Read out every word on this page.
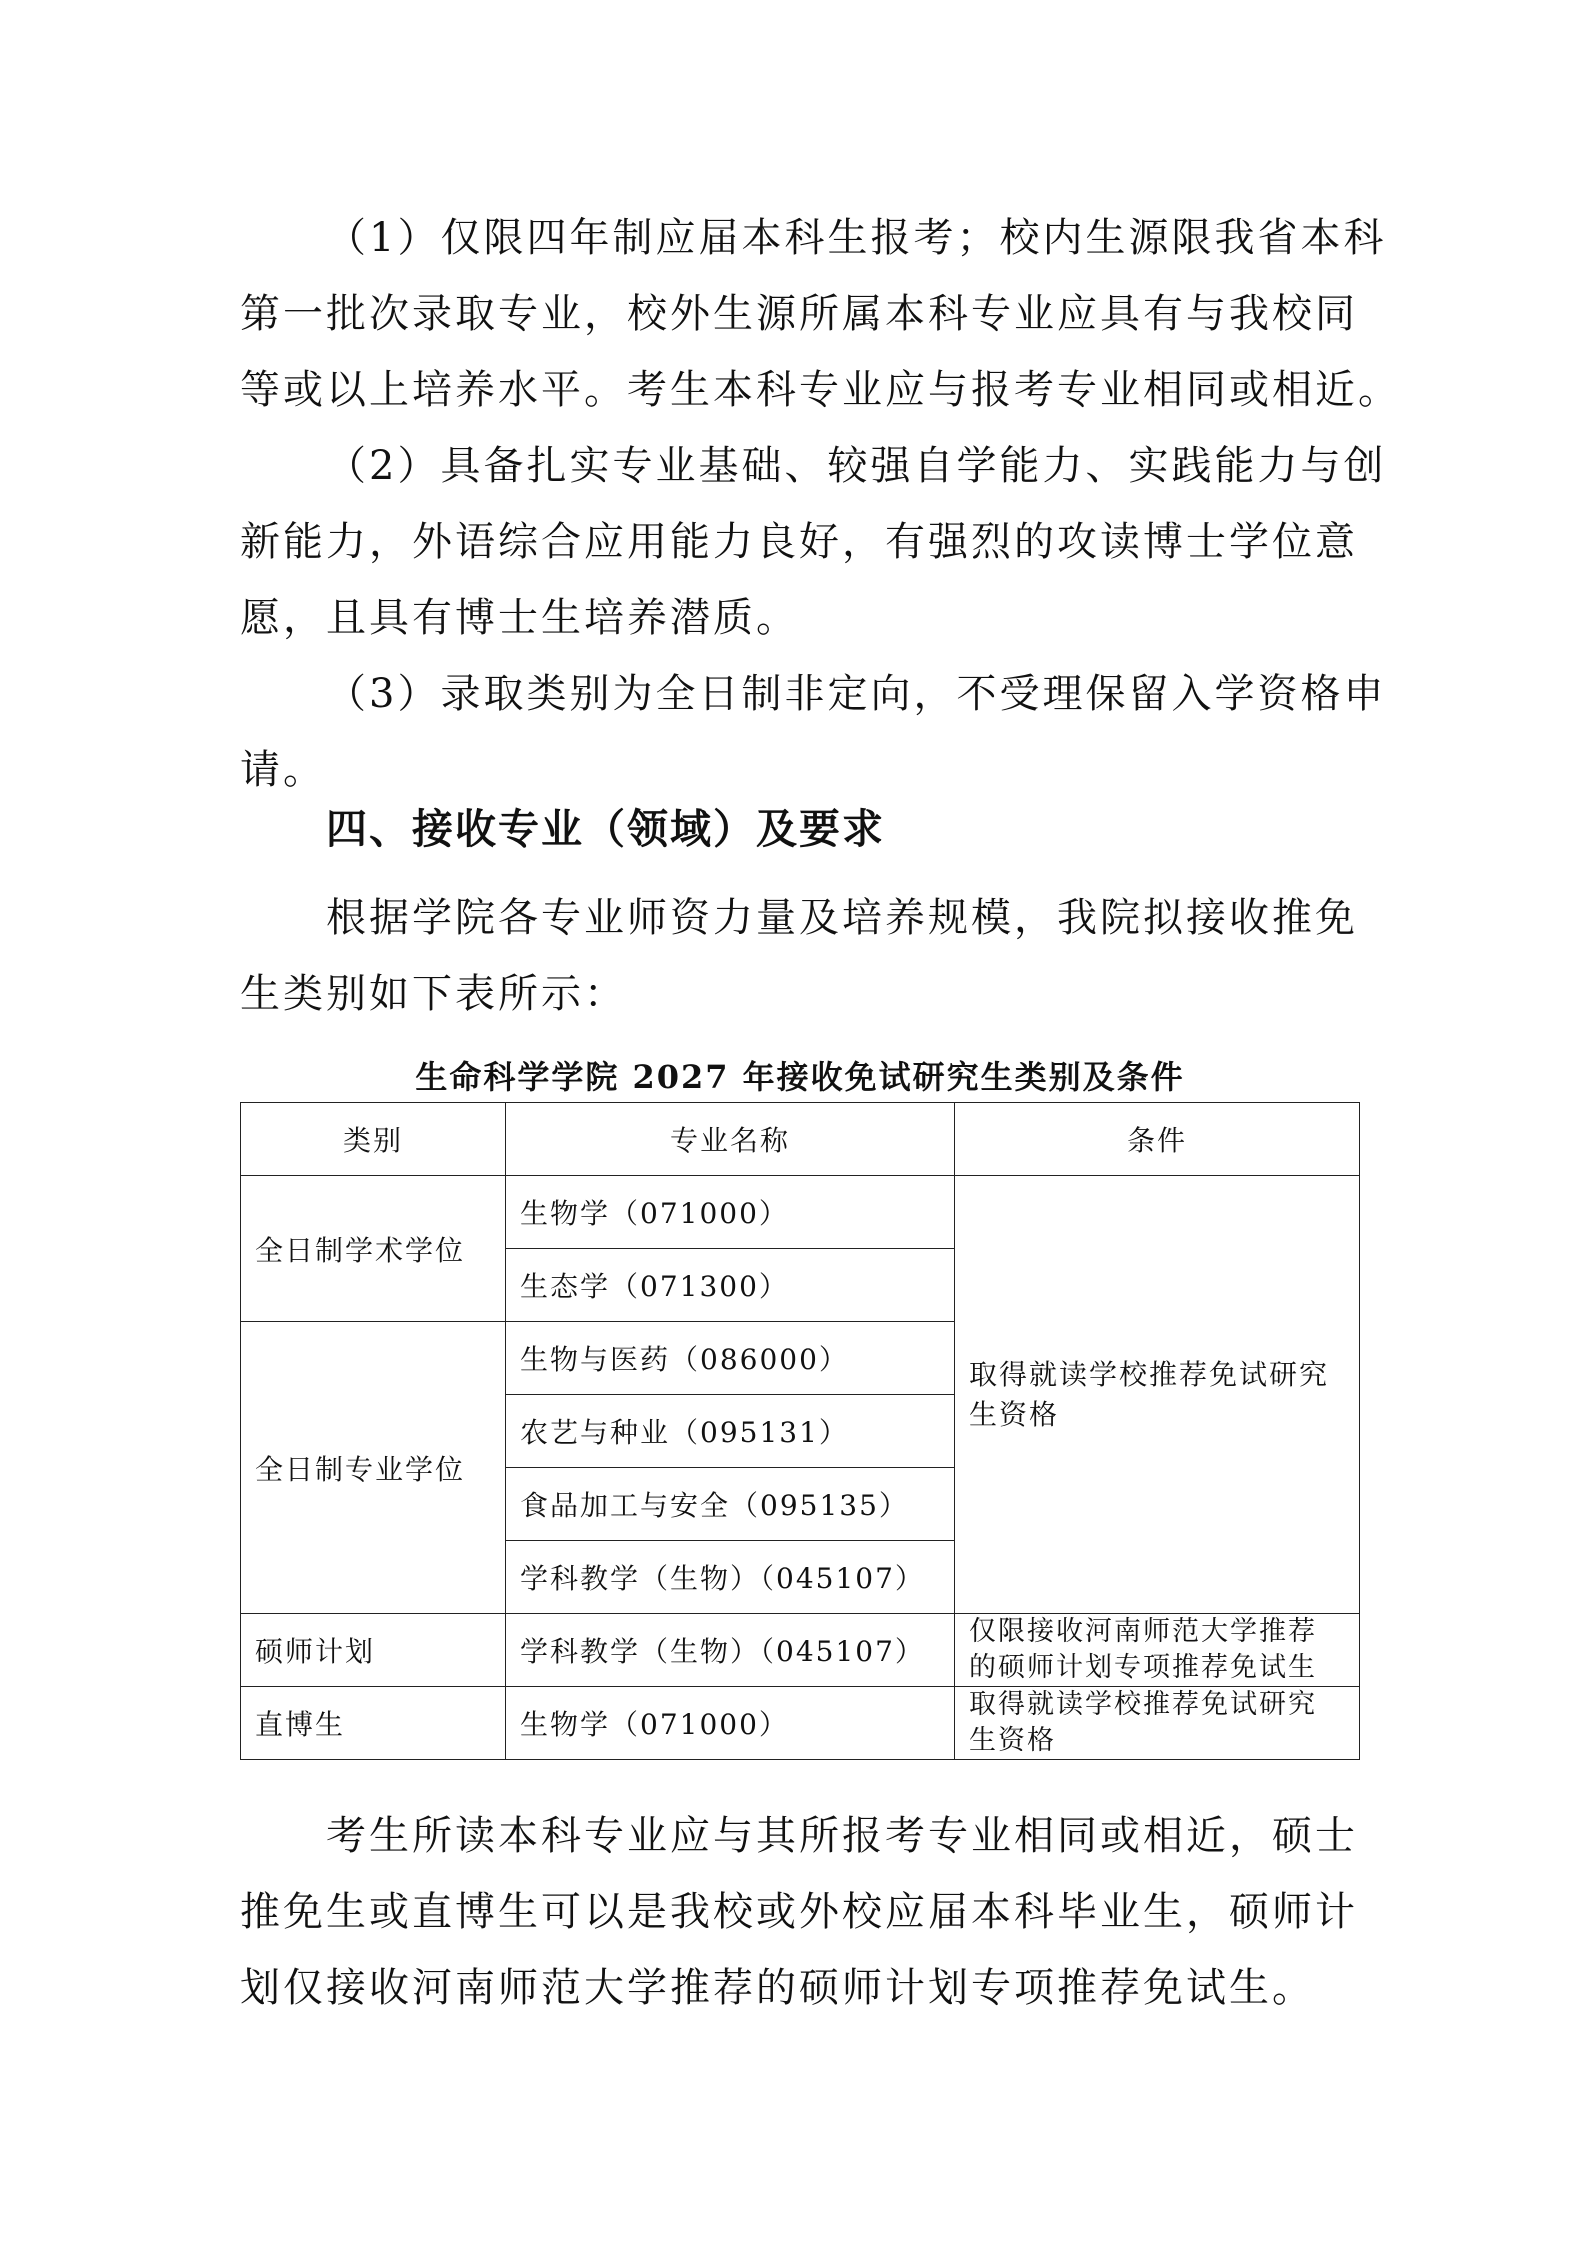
（1）仅限四年制应届本科生报考；校内生源限我省本科
第一批次录取专业，校外生源所属本科专业应具有与我校同
等或以上培养水平。考生本科专业应与报考专业相同或相近。

（2）具备扎实专业基础、较强自学能力、实践能力与创
新能力，外语综合应用能力良好，有强烈的攻读博士学位意
愿，且具有博士生培养潜质。

（3）录取类别为全日制非定向，不受理保留入学资格申
请。

四、接收专业（领域）及要求

根据学院各专业师资力量及培养规模，我院拟接收推免
生类别如下表所示：

生命科学学院 2027 年接收免试研究生类别及条件

类别	专业名称	条件
全日制学术学位	生物学（071000）	取得就读学校推荐免试研究生资格
	生态学（071300）	
全日制专业学位	生物与医药（086000）	
	农艺与种业（095131）	
	食品加工与安全（095135）	
	学科教学（生物）（045107）	
硕师计划	学科教学（生物）（045107）	仅限接收河南师范大学推荐的硕师计划专项推荐免试生
直博生	生物学（071000）	取得就读学校推荐免试研究生资格

考生所读本科专业应与其所报考专业相同或相近，硕士
推免生或直博生可以是我校或外校应届本科毕业生，硕师计
划仅接收河南师范大学推荐的硕师计划专项推荐免试生。
